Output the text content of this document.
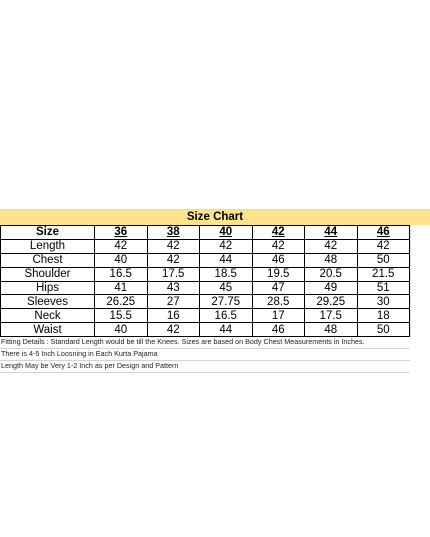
Size Chart
Size	36	38	40	42	44	46
Length	42	42	42	42	42	42
Chest	40	42	44	46	48	50
Shoulder	16.5	17.5	18.5	19.5	20.5	21.5
Hips	41	43	45	47	49	51
Sleeves	26.25	27	27.75	28.5	29.25	30
Neck	15.5	16	16.5	17	17.5	18
Waist	40	42	44	46	48	50
Fitting Details : Standard Length would be till the Knees. Sizes are based on Body Chest Measurements in Inches.
There is 4-5 Inch Loosning in Each Kurta Pajama
Length May be Very 1-2 Inch as per Design and Pattern
